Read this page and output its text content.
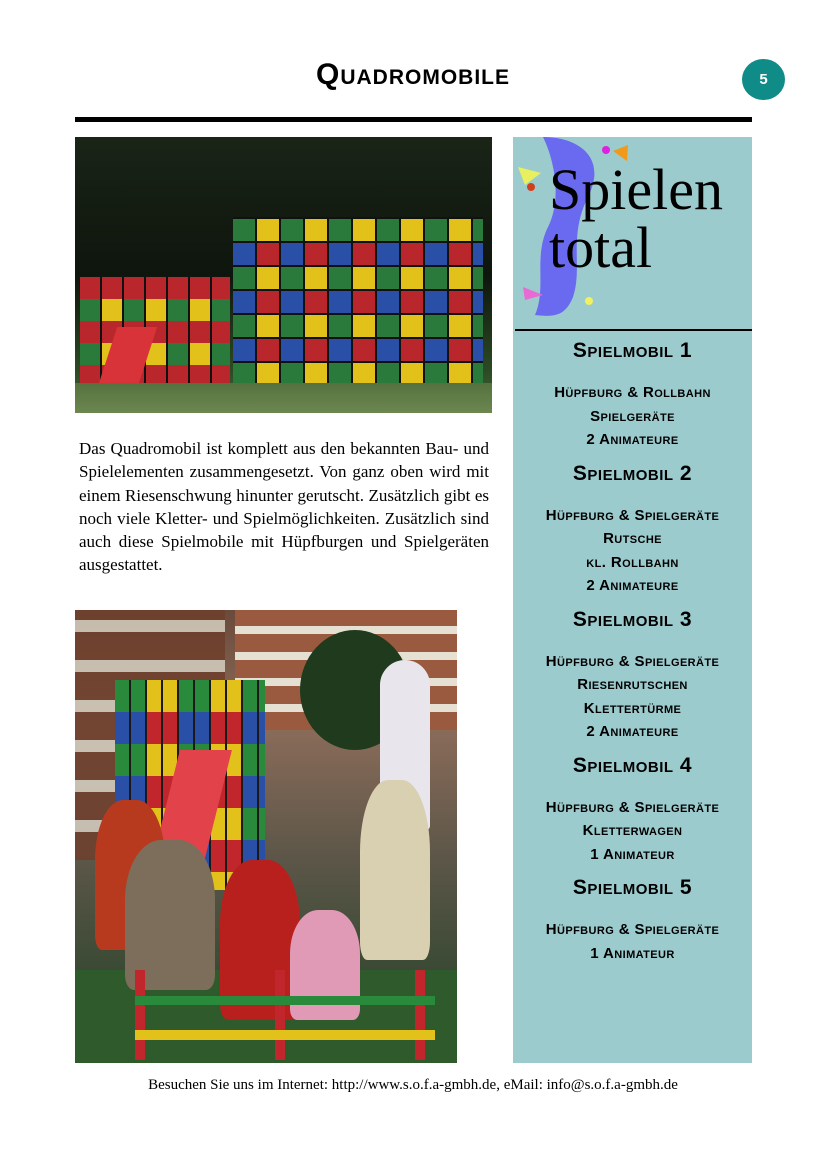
Quadromobile	5

Das Quadromobil ist komplett aus den bekannten Bau- und Spielelementen zusammengesetzt. Von ganz oben wird mit einem Riesenschwung hinunter gerutscht. Zusätzlich gibt es noch viele Kletter- und Spielmöglichkeiten. Zusätzlich sind auch diese Spielmobile mit Hüpfburgen und Spielgeräten ausgestattet.

Spielen
total

Spielmobil 1

Hüpfburg & Rollbahn

Spielgeräte

2 Animateure

Spielmobil 2

Hüpfburg & Spielgeräte

Rutsche

kl. Rollbahn

2 Animateure

Spielmobil 3

Hüpfburg & Spielgeräte

Riesenrutschen

Klettertürme

2 Animateure

Spielmobil 4

Hüpfburg & Spielgeräte

Kletterwagen

1 Animateur

Spielmobil 5

Hüpfburg & Spielgeräte

1 Animateur

Besuchen Sie uns im Internet: http://www.s.o.f.a-gmbh.de, eMail: info@s.o.f.a-gmbh.de
